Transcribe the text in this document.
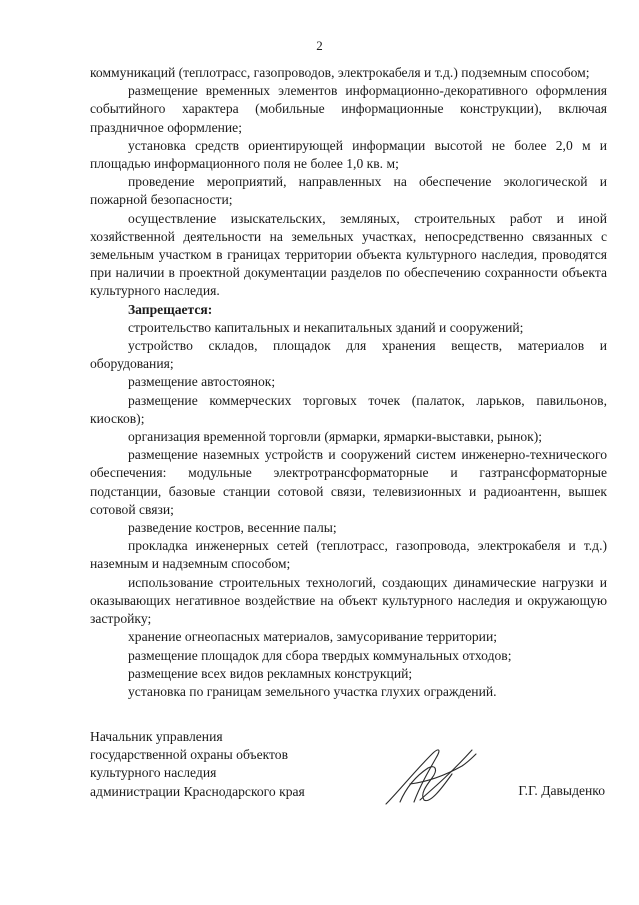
2

коммуникаций (теплотрасс, газопроводов, электрокабеля и т.д.) подземным способом;

размещение временных элементов информационно-декоративного оформления событийного характера (мобильные информационные конструкции), включая праздничное оформление;

установка средств ориентирующей информации высотой не более 2,0 м и площадью информационного поля не более 1,0 кв. м;

проведение мероприятий, направленных на обеспечение экологической и пожарной безопасности;

осуществление изыскательских, земляных, строительных работ и иной хозяйственной деятельности на земельных участках, непосредственно связанных с земельным участком в границах территории объекта культурного наследия, проводятся при наличии в проектной документации разделов по обеспечению сохранности объекта культурного наследия.

Запрещается:

строительство капитальных и некапитальных зданий и сооружений;

устройство складов, площадок для хранения веществ, материалов и оборудования;

размещение автостоянок;

размещение коммерческих торговых точек (палаток, ларьков, павильонов, киосков);

организация временной торговли (ярмарки, ярмарки-выставки, рынок);

размещение наземных устройств и сооружений систем инженерно-технического обеспечения: модульные электротрансформаторные и газтрансформаторные подстанции, базовые станции сотовой связи, телевизионных и радиоантенн, вышек сотовой связи;

разведение костров, весенние палы;

прокладка инженерных сетей (теплотрасс, газопровода, электрокабеля и т.д.) наземным и надземным способом;

использование строительных технологий, создающих динамические нагрузки и оказывающих негативное воздействие на объект культурного наследия и окружающую застройку;

хранение огнеопасных материалов, замусоривание территории;

размещение площадок для сбора твердых коммунальных отходов;

размещение всех видов рекламных конструкций;

установка по границам земельного участка глухих ограждений.

Начальник управления
государственной охраны объектов
культурного наследия
администрации Краснодарского края	Г.Г. Давыденко
